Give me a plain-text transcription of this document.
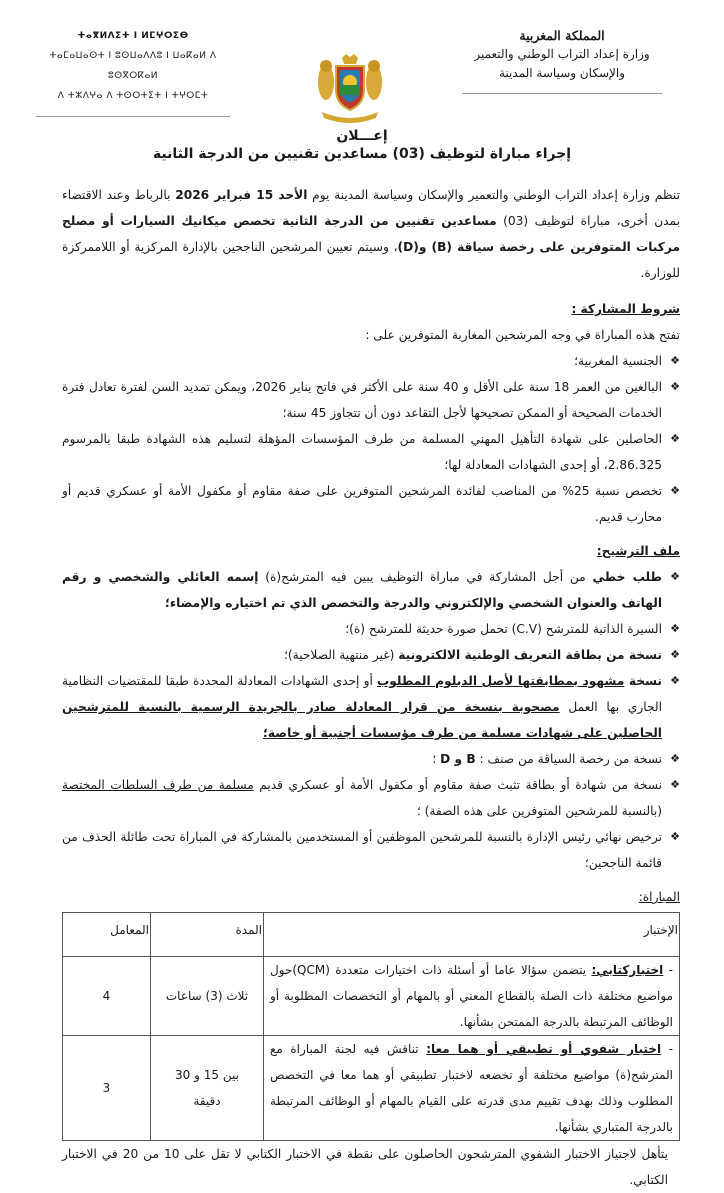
المملكة المغربية
وزارة إعداد التراب الوطني والتعمير
والإسكان وسياسة المدينة
ⵜⴰⴳⵍⴷⵉⵜ ⵏ ⵍⵎⵖⵔⵉⴱ
ⵜⴰⵎⴰⵡⴰⵙⵜ ⵏ ⵓⵙⵡⴰⴷⴷⵓ ⵏ ⵡⴰⴽⴰⵍ ⴷ ⵓⵙⴳⵔⴽⴰⵍ
ⴷ ⵜⵣⴷⵖⴰ ⴷ ⵜⵙⵔⵜⵉⵜ ⵏ ⵜⵖⵔⵎⵜ
إعـــلان
إجراء مباراة لتوظيف (03) مساعدين تقنيين من الدرجة الثانية

تنظم وزارة إعداد التراب الوطني والتعمير والإسكان وسياسة المدينة يوم الأحد 15 فبراير 2026 بالرباط وعند الاقتضاء بمدن أخرى، مباراة لتوظيف (03) مساعدين تقنيين من الدرجة الثانية تخصص ميكانيك السيارات أو مصلح مركبات المتوفرين على رخصة سياقة (B) و(D)، وسيتم تعيين المرشحين الناجحين بالإدارة المركزية أو اللاممركزة للوزارة.

شروط المشاركة :

تفتح هذه المباراة في وجه المرشحين المغاربة المتوفرين على :

❖ الجنسية المغربية؛
❖ البالغين من العمر 18 سنة على الأقل و 40 سنة على الأكثر في فاتح يناير 2026، ويمكن تمديد السن لفترة تعادل فترة الخدمات الصحيحة أو الممكن تصحيحها لأجل التقاعد دون أن تتجاوز 45 سنة؛
❖ الحاصلين على شهادة التأهيل المهني المسلمة من طرف المؤسسات المؤهلة لتسليم هذه الشهادة طبقا بالمرسوم 2.86.325، أو إحدى الشهادات المعادلة لها؛
❖ تخصص نسبة 25% من المناصب لفائدة المرشحين المتوفرين على صفة مقاوم أو مكفول الأمة أو عسكري قديم أو محارب قديم.

ملف الترشيح:

❖ طلب خطي من أجل المشاركة في مباراة التوظيف يبين فيه المترشح(ة) إسمه العائلي والشخصي و رقم الهاتف والعنوان الشخصي والإلكتروني والدرجة والتخصص الذي تم اختياره والإمضاء؛
❖ السيرة الذاتية للمترشح (C.V) تحمل صورة حديثة للمترشح (ة)؛
❖ نسخة من بطاقة التعريف الوطنية الالكترونية (غير منتهية الصلاحية)؛
❖ نسخة مشهود بمطابقتها لأصل الدبلوم المطلوب أو إحدى الشهادات المعادلة المحددة طبقا للمقتضيات النظامية الجاري بها العمل مصحوبة بنسخة من قرار المعادلة صادر بالجريدة الرسمية بالنسبة للمترشحين الحاصلين على شهادات مسلمة من طرف مؤسسات أجنبية أو خاصة؛
❖ نسخة من رخصة السياقة من صنف : B و D ؛
❖ نسخة من شهادة أو بطاقة تثبث صفة مقاوم أو مكفول الأمة أو عسكري قديم مسلمة من طرف السلطات المختصة (بالنسبة للمرشحين المتوفرين على هذه الصفة) ؛
❖ ترخيص نهائي رئيس الإدارة بالنسبة للمرشحين الموظفين أو المستخدمين بالمشاركة في المباراة تحت طائلة الحذف من قائمة الناجحين؛

المباراة:

الإختبار	المدة	المعامل
- اختباركتابي: يتضمن سؤالا عاما أو أسئلة ذات اختيارات متعددة (QCM)حول مواضيع مختلفة ذات الصلة بالقطاع المعني أو بالمهام أو التخصصات المطلوبة أو الوظائف المرتبطة بالدرجة الممتحن بشأنها.	ثلاث (3) ساعات	4
- اختبار شفوي أو تطبيقي أو هما معا: تناقش فيه لجنة المباراة مع المترشح(ة) مواضيع مختلفة أو تخضعه لاختبار تطبيقي أو هما معا في التخصص المطلوب وذلك بهدف تقييم مدى قدرته على القيام بالمهام أو الوظائف المرتبطة بالدرجة المتباري بشأنها.	بين 15 و 30 دقيقة	3

يتأهل لاجتياز الاختبار الشفوي المترشحون الحاصلون على نقطة في الاختبار الكتابي لا تقل على 10 من 20 في الاختبار الكتابي.
